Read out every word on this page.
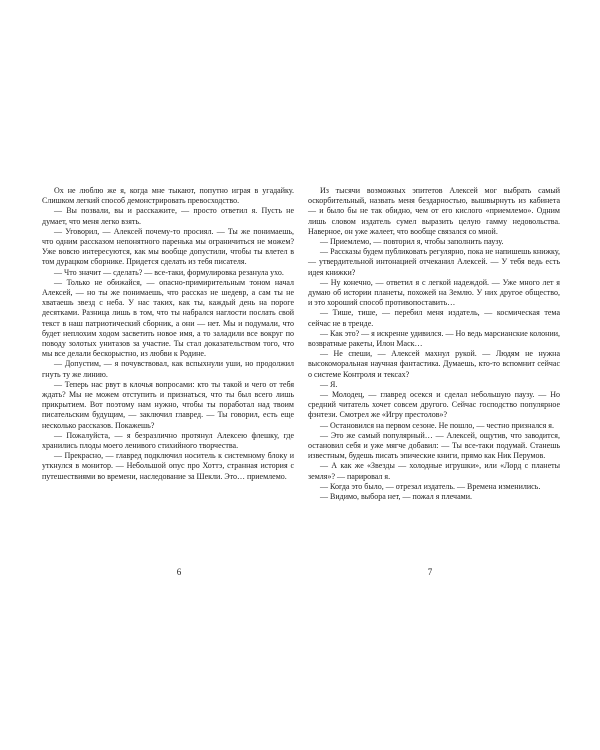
Ох не люблю же я, когда мне тыкают, попутно играя в угадайку. Слишком легкий способ демонстрировать превосходство.

— Вы позвали, вы и расскажите, — просто ответил я. Пусть не думает, что меня легко взять.

— Уговорил, — Алексей почему-то просиял. — Ты же понимаешь, что одним рассказом непонятного паренька мы ограничиться не можем? Уже вовсю интересуются, как мы вообще допустили, чтобы ты влетел в том дурацком сборнике. Придется сделать из тебя писателя.

— Что значит — сделать? — все-таки, формулировка резанула ухо.

— Только не обижайся, — опасно-примирительным тоном начал Алексей, — но ты же понимаешь, что рассказ не шедевр, а сам ты не хватаешь звезд с неба. У нас таких, как ты, каждый день на пороге десятками. Разница лишь в том, что ты набрался наглости послать свой текст в наш патриотический сборник, а они — нет. Мы и подумали, что будет неплохим ходом засветить новое имя, а то заладили все вокруг по поводу золотых унитазов за участие. Ты стал доказательством того, что мы все делали бескорыстно, из любви к Родине.

— Допустим, — я почувствовал, как вспыхнули уши, но продолжил гнуть ту же линию.

— Теперь нас рвут в клочья вопросами: кто ты такой и чего от тебя ждать? Мы не можем отступить и признаться, что ты был всего лишь прикрытием. Вот поэтому нам нужно, чтобы ты поработал над твоим писательским будущим, — заключил главред. — Ты говорил, есть еще несколько рассказов. Покажешь?

— Пожалуйста, — я безразлично протянул Алексею флешку, где хранились плоды моего ленивого стихийного творчества.

— Прекрасно, — главред подключил носитель к системному блоку и уткнулся в монитор. — Небольшой опус про Хоттэ, странная история с путешествиями во времени, наследование за Шекли. Это… приемлемо.

6

Из тысячи возможных эпитетов Алексей мог выбрать самый оскорбительный, назвать меня бездарностью, вышвырнуть из кабинета — и было бы не так обидно, чем от его кислого «приемлемо». Одним лишь словом издатель сумел выразить целую гамму недовольства. Наверное, он уже жалеет, что вообще связался со мной.

— Приемлемо, — повторил я, чтобы заполнить паузу.

— Рассказы будем публиковать регулярно, пока не напишешь книжку, — утвердительной интонацией отчеканил Алексей. — У тебя ведь есть идея книжки?

— Ну конечно, — ответил я с легкой надеждой. — Уже много лет я думаю об истории планеты, похожей на Землю. У них другое общество, и это хороший способ противопоставить…

— Тише, тише, — перебил меня издатель, — космическая тема сейчас не в тренде.

— Как это? — я искренне удивился. — Но ведь марсианские колонии, возвратные ракеты, Илон Маск…

— Не спеши, — Алексей махнул рукой. — Людям не нужна высокоморальная научная фантастика. Думаешь, кто-то вспомнит сейчас о системе Контроля и тексах?

— Я.

— Молодец, — главред осекся и сделал небольшую паузу. — Но средний читатель хочет совсем другого. Сейчас господство популярное фэнтези. Смотрел же «Игру престолов»?

— Остановился на первом сезоне. Не пошло, — честно признался я.

— Это же самый популярный… — Алексей, ощутив, что заводится, остановил себя и уже мягче добавил: — Ты все-таки подумай. Станешь известным, будешь писать эпические книги, прямо как Ник Перумов.

— А как же «Звезды — холодные игрушки», или «Лорд с планеты земля»? — парировал я.

— Когда это было, — отрезал издатель. — Времена изменились.

— Видимо, выбора нет, — пожал я плечами.

7
